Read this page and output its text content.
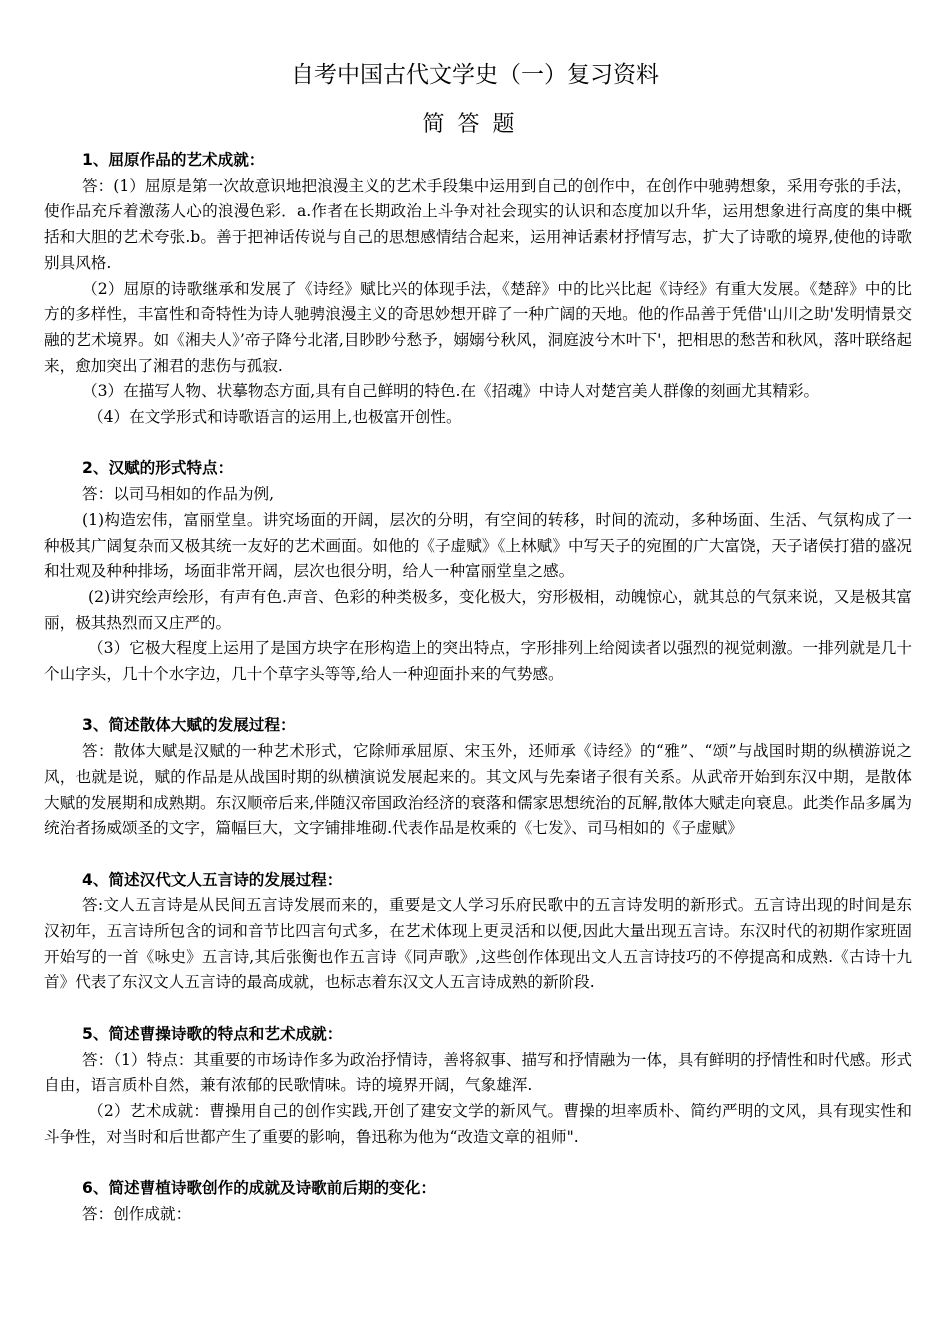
自考中国古代文学史（一）复习资料
简答题

1、屈原作品的艺术成就：

答：(1）屈原是第一次故意识地把浪漫主义的艺术手段集中运用到自己的创作中，在创作中驰骋想象，采用夸张的手法，使作品充斥着激荡人心的浪漫色彩．a.作者在长期政治上斗争对社会现实的认识和态度加以升华，运用想象进行高度的集中概括和大胆的艺术夸张.b。善于把神话传说与自己的思想感情结合起来，运用神话素材抒情写志，扩大了诗歌的境界,使他的诗歌别具风格.

（2）屈原的诗歌继承和发展了《诗经》赋比兴的体现手法，《楚辞》中的比兴比起《诗经》有重大发展。《楚辞》中的比方的多样性，丰富性和奇特性为诗人驰骋浪漫主义的奇思妙想开辟了一种广阔的天地。他的作品善于凭借'山川之助'发明情景交融的艺术境界。如《湘夫人》’帝子降兮北渚,目眇眇兮愁予，嫋嫋兮秋风，洞庭波兮木叶下'，把相思的愁苦和秋风，落叶联络起来，愈加突出了湘君的悲伤与孤寂.

（3）在描写人物、状摹物态方面,具有自己鲜明的特色.在《招魂》中诗人对楚宫美人群像的刻画尤其精彩。

（4）在文学形式和诗歌语言的运用上,也极富开创性。

2、汉赋的形式特点：

答：以司马相如的作品为例,

(1)构造宏伟，富丽堂皇。讲究场面的开阔，层次的分明，有空间的转移，时间的流动，多种场面、生活、气氛构成了一种极其广阔复杂而又极其统一友好的艺术画面。如他的《子虚赋》《上林赋》中写天子的宛囿的广大富饶，天子诸侯打猎的盛况和壮观及种种排场，场面非常开阔，层次也很分明，给人一种富丽堂皇之感。

(2)讲究绘声绘形，有声有色.声音、色彩的种类极多，变化极大，穷形极相，动魄惊心，就其总的气氛来说，又是极其富丽，极其热烈而又庄严的。

（3）它极大程度上运用了是国方块字在形构造上的突出特点，字形排列上给阅读者以强烈的视觉刺激。一排列就是几十个山字头，几十个水字边，几十个草字头等等,给人一种迎面扑来的气势感。

3、简述散体大赋的发展过程：

答：散体大赋是汉赋的一种艺术形式，它除师承屈原、宋玉外，还师承《诗经》的“雅”、“颂”与战国时期的纵横游说之风，也就是说，赋的作品是从战国时期的纵横演说发展起来的。其文风与先秦诸子很有关系。从武帝开始到东汉中期，是散体大赋的发展期和成熟期。东汉顺帝后来,伴随汉帝国政治经济的衰落和儒家思想统治的瓦解,散体大赋走向衰息。此类作品多属为统治者扬威颂圣的文字，篇幅巨大，文字铺排堆砌.代表作品是枚乘的《七发》、司马相如的《子虚赋》

4、简述汉代文人五言诗的发展过程：

答:文人五言诗是从民间五言诗发展而来的，重要是文人学习乐府民歌中的五言诗发明的新形式。五言诗出现的时间是东汉初年，五言诗所包含的词和音节比四言句式多，在艺术体现上更灵活和以便,因此大量出现五言诗。东汉时代的初期作家班固开始写的一首《咏史》五言诗,其后张衡也作五言诗《同声歌》,这些创作体现出文人五言诗技巧的不停提高和成熟.《古诗十九首》代表了东汉文人五言诗的最高成就，也标志着东汉文人五言诗成熟的新阶段.

5、简述曹操诗歌的特点和艺术成就：

答：（1）特点：其重要的市场诗作多为政治抒情诗，善将叙事、描写和抒情融为一体，具有鲜明的抒情性和时代感。形式自由，语言质朴自然，兼有浓郁的民歌情味。诗的境界开阔，气象雄浑.

（2）艺术成就：曹操用自己的创作实践,开创了建安文学的新风气。曹操的坦率质朴、简约严明的文风，具有现实性和斗争性，对当时和后世都产生了重要的影响，鲁迅称为他为“改造文章的祖师".

6、简述曹植诗歌创作的成就及诗歌前后期的变化：

答：创作成就：
